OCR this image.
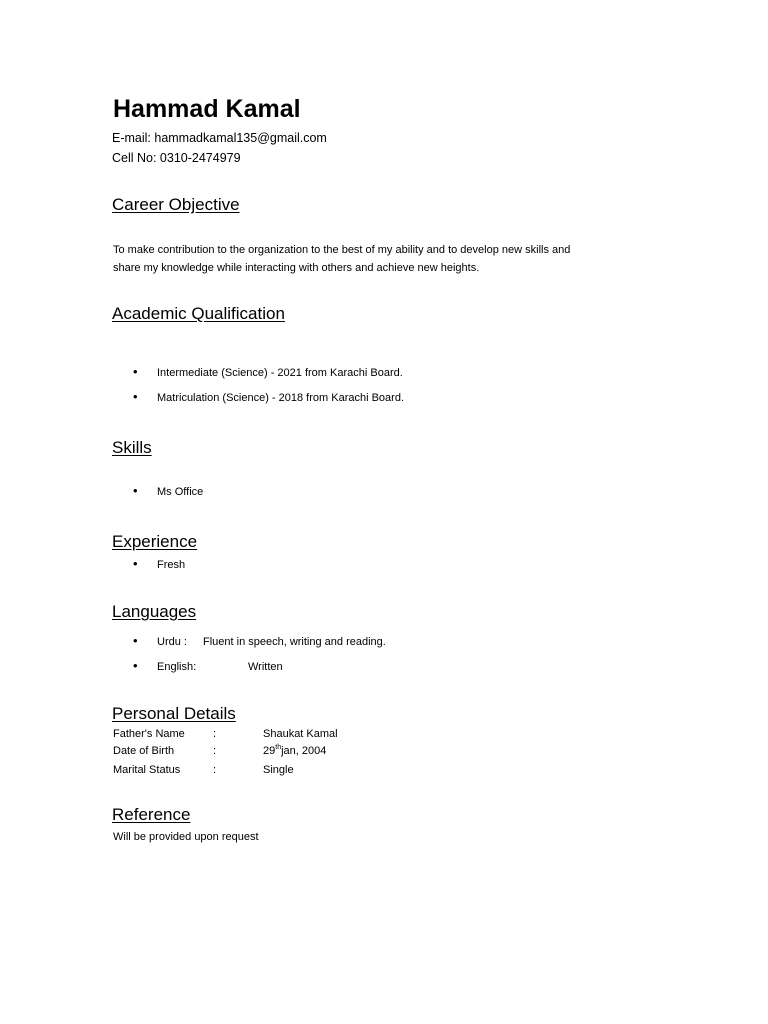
Hammad Kamal
E-mail: hammadkamal135@gmail.com
Cell No: 0310-2474979
Career Objective
To make contribution to the organization to the best of my ability and to develop new skills and
share my knowledge while interacting with others and achieve new heights.
Academic Qualification
• Intermediate (Science) - 2021 from Karachi Board.
• Matriculation (Science) - 2018 from Karachi Board.
Skills
• Ms Office
Experience
• Fresh
Languages
• Urdu : Fluent in speech, writing and reading.
• English:	Written
Personal Details
Father's Name	:	Shaukat Kamal
Date of Birth	:	29thjan, 2004
Marital Status	:	Single
Reference
Will be provided upon request
